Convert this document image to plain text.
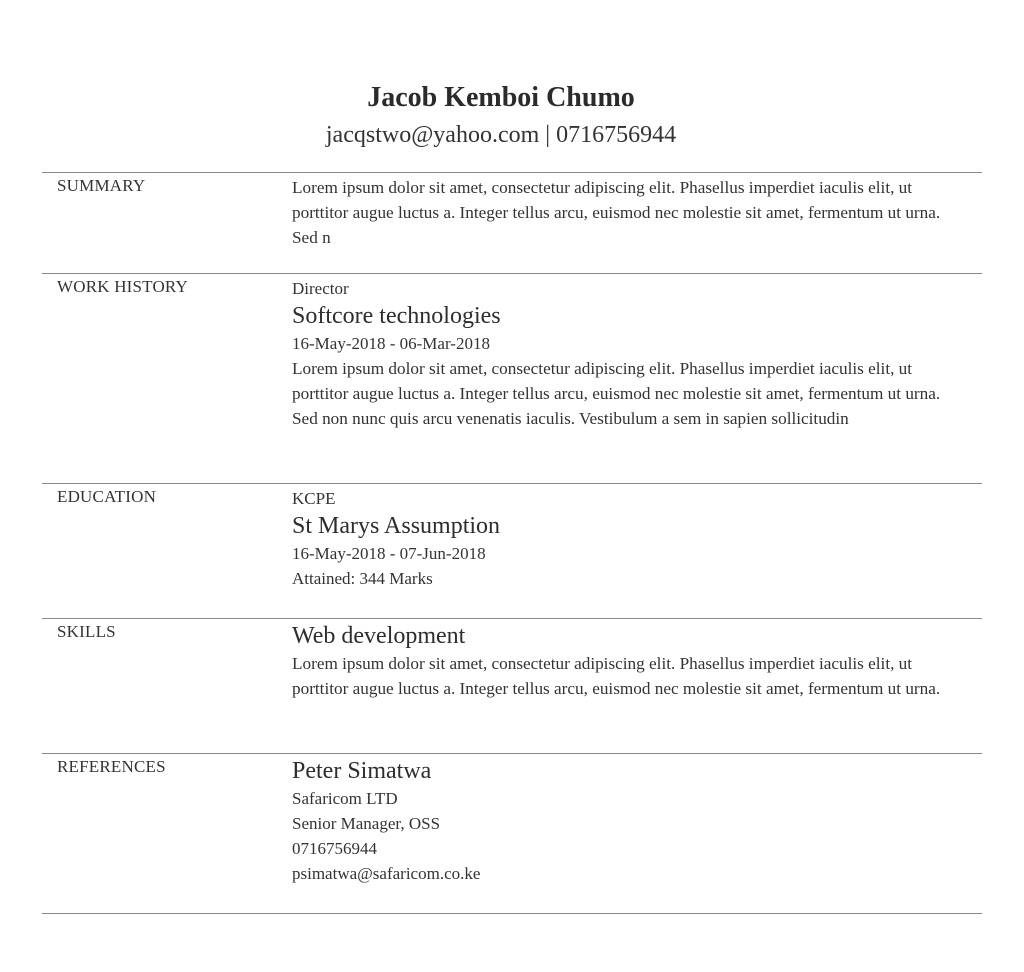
Jacob Kemboi Chumo
jacqstwo@yahoo.com | 0716756944
SUMMARY	Lorem ipsum dolor sit amet, consectetur adipiscing elit. Phasellus imperdiet iaculis elit, ut porttitor augue luctus a. Integer tellus arcu, euismod nec molestie sit amet, fermentum ut urna. Sed n

WORK HISTORY	Director
Softcore technologies
16-May-2018 - 06-Mar-2018

Lorem ipsum dolor sit amet, consectetur adipiscing elit. Phasellus imperdiet iaculis elit, ut porttitor augue luctus a. Integer tellus arcu, euismod nec molestie sit amet, fermentum ut urna. Sed non nunc quis arcu venenatis iaculis. Vestibulum a sem in sapien sollicitudin

EDUCATION	KCPE
St Marys Assumption
16-May-2018 - 07-Jun-2018
Attained: 344 Marks
SKILLS	Web development

Lorem ipsum dolor sit amet, consectetur adipiscing elit. Phasellus imperdiet iaculis elit, ut porttitor augue luctus a. Integer tellus arcu, euismod nec molestie sit amet, fermentum ut urna.

REFERENCES	Peter Simatwa
Safaricom LTD
Senior Manager, OSS
0716756944
psimatwa@safaricom.co.ke
